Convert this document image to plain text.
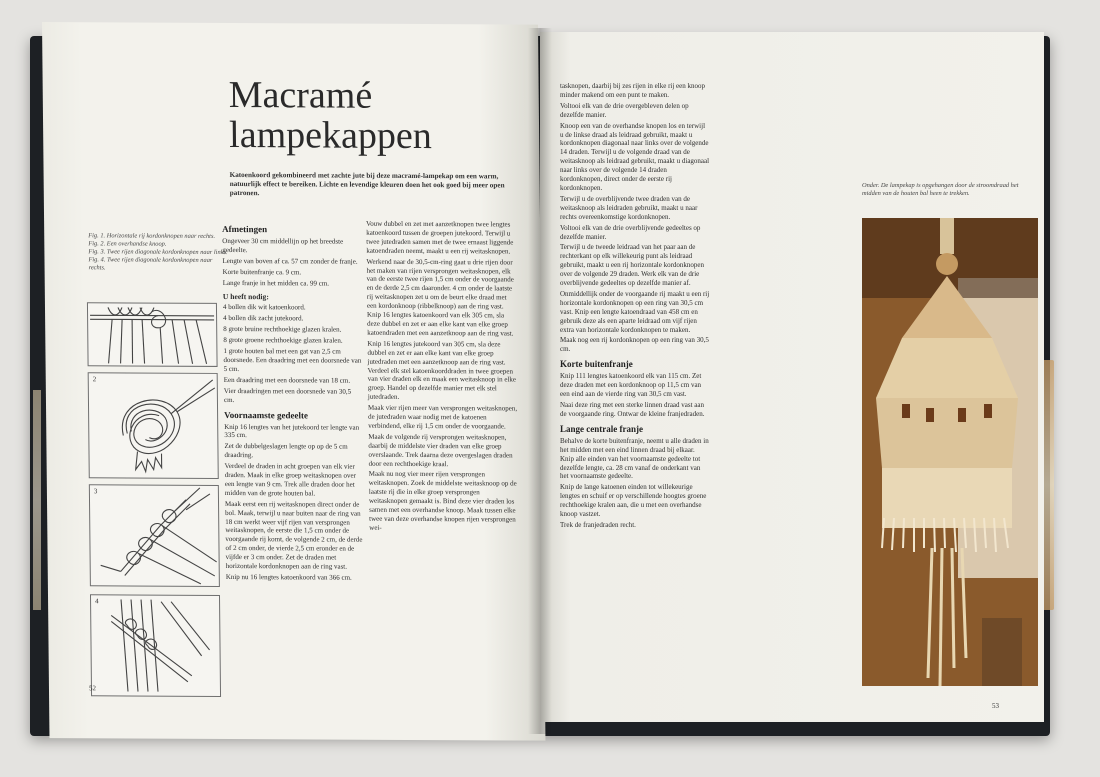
Macramé
lampekappen

Katoenkoord gekombineerd met zachte jute bij deze macramé-lampekap om een warm, natuurlijk effect te bereiken. Lichte en levendige kleuren doen het ook goed bij meer open patronen.

Fig. 1. Horizontale rij kordonknopen naar rechts.

Fig. 2. Een overhandse knoop.

Fig. 3. Twee rijen diagonale kordonknopen naar links.

Fig. 4. Twee rijen diagonale kordonknopen naar rechts.

2
3
4
Afmetingen

Ongeveer 30 cm middellijn op het breedste gedeelte.

Lengte van boven af ca. 57 cm zonder de franje.

Korte buitenfranje ca. 9 cm.

Lange franje in het midden ca. 99 cm.

U heeft nodig:

4 bollen dik wit katoenkoord.

4 bollen dik zacht jutekoord.

8 grote bruine rechthoekige glazen kralen.

8 grote groene rechthoekige glazen kralen.

1 grote houten bal met een gat van 2,5 cm doorsnede. Een draadring met een doorsnede van 5 cm.

Een draadring met een doorsnede van 18 cm.

Vier draadringen met een doorsnede van 30,5 cm.

Voornaamste gedeelte

Knip 16 lengtes van het jutekoord ter lengte van 335 cm.

Zet de dubbelgeslagen lengte op op de 5 cm draadring.

Verdeel de draden in acht groepen van elk vier draden. Maak in elke groep weitasknopen over een lengte van 9 cm. Trek alle draden door het midden van de grote houten bal.

Maak eerst een rij weitasknopen direct onder de bol. Maak, terwijl u naar buiten naar de ring van 18 cm werkt weer vijf rijen van versprongen weitasknopen, de eerste die 1,5 cm onder de voorgaande rij komt, de volgende 2 cm, de derde of 2 cm onder, de vierde 2,5 cm eronder en de vijfde er 3 cm onder. Zet de draden met horizontale kordonknopen aan de ring vast.

Knip nu 16 lengtes katoenkoord van 366 cm.

Vouw dubbel en zet met aanzetknopen twee lengtes katoenkoord tussen de groepen jutekoord. Terwijl u twee jutedraden samen met de twee ernaast liggende katoendraden neemt, maakt u een rij weitasknopen.

Werkend naar de 30,5-cm-ring gaat u drie rijen door het maken van rijen versprongen weitasknopen, elk van de eerste twee rijen 1,5 cm onder de voorgaande en de derde 2,5 cm daaronder. 4 cm onder de laatste rij weitasknopen zet u om de beurt elke draad met een kordonknoop (ribbelknoop) aan de ring vast. Knip 16 lengtes katoenkoord van elk 305 cm, sla deze dubbel en zet er aan elke kant van elke groep katoendraden met een aanzetknoop aan de ring vast.

Knip 16 lengtes jutekoord van 305 cm, sla deze dubbel en zet er aan elke kant van elke groep jutedraden met een aanzetknoop aan de ring vast. Verdeel elk stel katoenkoorddraden in twee groepen van vier draden elk en maak een weitasknoop in elke groep. Handel op dezelfde manier met elk stel jutedraden.

Maak vier rijen meer van versprongen weitasknopen, de jutedraden waar nodig met de katoenen verbindend, elke rij 1,5 cm onder de voorgaande.

Maak de volgende rij versprongen weitasknopen, daarbij de middelste vier draden van elke groep overslaande. Trek daarna deze overgeslagen draden door een rechthoekige kraal.

Maak nu nog vier meer rijen versprongen weitasknopen. Zoek de middelste weitasknoop op de laatste rij die in elke groep versprongen weitasknopen gemaakt is. Bind deze vier draden los samen met een overhandse knoop. Maak tussen elke twee van deze overhandse knopen rijen versprongen wei-

52

tasknopen, daarbij bij zes rijen in elke rij een knoop minder makend om een punt te maken.

Voltooi elk van de drie overgebleven delen op dezelfde manier.

Knoop een van de overhandse knopen los en terwijl u de linkse draad als leidraad gebruikt, maakt u kordonknopen diagonaal naar links over de volgende 14 draden. Terwijl u de volgende draad van de weitasknoop als leidraad gebruikt, maakt u diagonaal naar links over de volgende 14 draden kordonknopen, direct onder de eerste rij kordonknopen.

Terwijl u de overblijvende twee draden van de weitasknoop als leidraden gebruikt, maakt u naar rechts overeenkomstige kordonknopen.

Voltooi elk van de drie overblijvende gedeeltes op dezelfde manier.

Terwijl u de tweede leidraad van het paar aan de rechterkant op elk willekeurig punt als leidraad gebruikt, maakt u een rij horizontale kordonknopen over de volgende 29 draden. Werk elk van de drie overblijvende gedeeltes op dezelfde manier af.

Onmiddellijk onder de voorgaande rij maakt u een rij horizontale kordonknopen op een ring van 30,5 cm vast. Knip een lengte katoendraad van 458 cm en gebruik deze als een aparte leidraad om vijf rijen extra van horizontale kordonknopen te maken.

Maak nog een rij kordonknopen op een ring van 30,5 cm.

Korte buitenfranje

Knip 111 lengtes katoenkoord elk van 115 cm. Zet deze draden met een kordonknoop op 11,5 cm van een eind aan de vierde ring van 30,5 cm vast.

Naai deze ring met een sterke linnen draad vast aan de voorgaande ring. Ontwar de kleine franjedraden.

Lange centrale franje

Behalve de korte buitenfranje, neemt u alle draden in het midden met een eind linnen draad bij elkaar. Knip alle einden van het voornaamste gedeelte tot dezelfde lengte, ca. 28 cm vanaf de onderkant van het voornaamste gedeelte.

Knip de lange katoenen einden tot willekeurige lengtes en schuif er op verschillende hoogtes groene rechthoekige kralen aan, die u met een overhandse knoop vastzet.

Trek de franjedraden recht.

Onder. De lampekap is opgehangen door de stroomdraad het midden van de houten bal heen te trekken.

53
